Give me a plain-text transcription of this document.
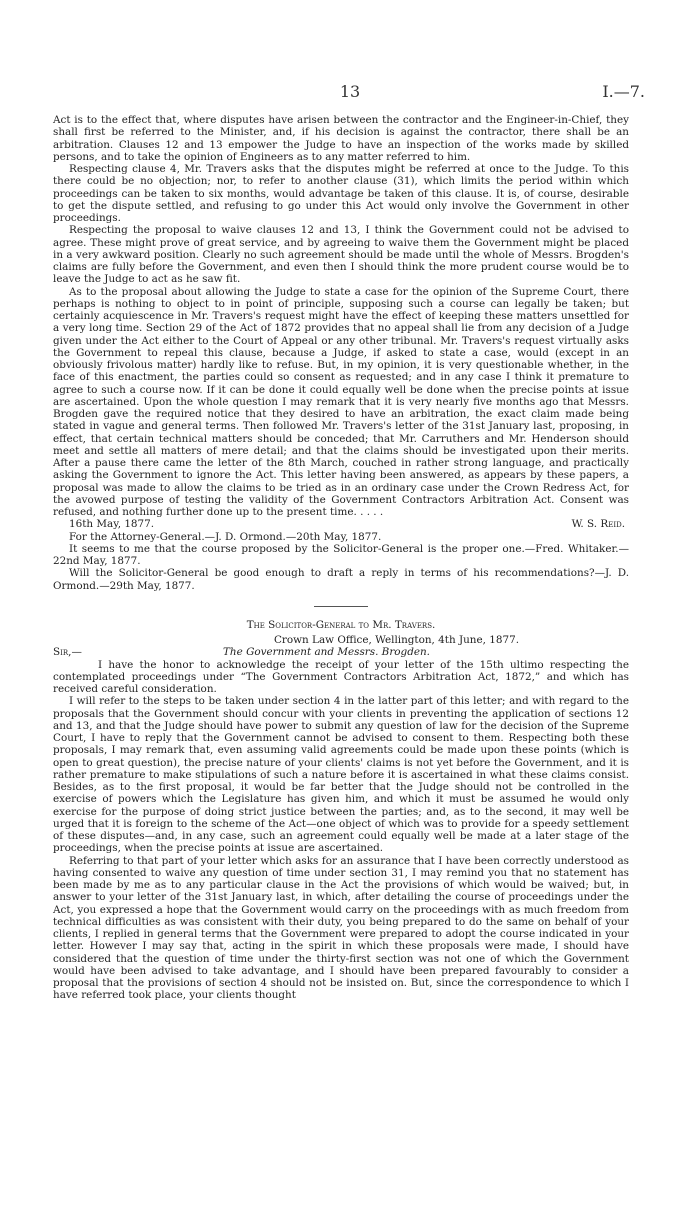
13	I.—7.

Act is to the effect that, where disputes have arisen between the contractor and the Engineer-in-Chief, they shall first be referred to the Minister, and, if his decision is against the contractor, there shall be an arbitration. Clauses 12 and 13 empower the Judge to have an inspection of the works made by skilled persons, and to take the opinion of Engineers as to any matter referred to him.

Respecting clause 4, Mr. Travers asks that the disputes might be referred at once to the Judge. To this there could be no objection; nor, to refer to another clause (31), which limits the period within which proceedings can be taken to six months, would advantage be taken of this clause. It is, of course, desirable to get the dispute settled, and refusing to go under this Act would only involve the Government in other proceedings.

Respecting the proposal to waive clauses 12 and 13, I think the Government could not be advised to agree. These might prove of great service, and by agreeing to waive them the Government might be placed in a very awkward position. Clearly no such agreement should be made until the whole of Messrs. Brogden's claims are fully before the Government, and even then I should think the more prudent course would be to leave the Judge to act as he saw fit.

As to the proposal about allowing the Judge to state a case for the opinion of the Supreme Court, there perhaps is nothing to object to in point of principle, supposing such a course can legally be taken; but certainly acquiescence in Mr. Travers's request might have the effect of keeping these matters unsettled for a very long time. Section 29 of the Act of 1872 provides that no appeal shall lie from any decision of a Judge given under the Act either to the Court of Appeal or any other tribunal. Mr. Travers's request virtually asks the Government to repeal this clause, because a Judge, if asked to state a case, would (except in an obviously frivolous matter) hardly like to refuse. But, in my opinion, it is very questionable whether, in the face of this enactment, the parties could so consent as requested; and in any case I think it premature to agree to such a course now. If it can be done it could equally well be done when the precise points at issue are ascertained. Upon the whole question I may remark that it is very nearly five months ago that Messrs. Brogden gave the required notice that they desired to have an arbitration, the exact claim made being stated in vague and general terms. Then followed Mr. Travers's letter of the 31st January last, proposing, in effect, that certain technical matters should be conceded; that Mr. Carruthers and Mr. Henderson should meet and settle all matters of mere detail; and that the claims should be investigated upon their merits. After a pause there came the letter of the 8th March, couched in rather strong language, and practically asking the Government to ignore the Act. This letter having been answered, as appears by these papers, a proposal was made to allow the claims to be tried as in an ordinary case under the Crown Redress Act, for the avowed purpose of testing the validity of the Government Contractors Arbitration Act. Consent was refused, and nothing further done up to the present time. . . . .

16th May, 1877.	W. S. Reid.

For the Attorney-General.—J. D. Ormond.—20th May, 1877.

It seems to me that the course proposed by the Solicitor-General is the proper one.—Fred. Whitaker.—22nd May, 1877.

Will the Solicitor-General be good enough to draft a reply in terms of his recommendations?—J. D. Ormond.—29th May, 1877.

The Solicitor-General to Mr. Travers.

Crown Law Office, Wellington, 4th June, 1877.

Sir,—	The Government and Messrs. Brogden.

I have the honor to acknowledge the receipt of your letter of the 15th ultimo respecting the contemplated proceedings under “The Government Contractors Arbitration Act, 1872,” and which has received careful consideration.

I will refer to the steps to be taken under section 4 in the latter part of this letter; and with regard to the proposals that the Government should concur with your clients in preventing the application of sections 12 and 13, and that the Judge should have power to submit any question of law for the decision of the Supreme Court, I have to reply that the Government cannot be advised to consent to them. Respecting both these proposals, I may remark that, even assuming valid agreements could be made upon these points (which is open to great question), the precise nature of your clients' claims is not yet before the Government, and it is rather premature to make stipulations of such a nature before it is ascertained in what these claims consist. Besides, as to the first proposal, it would be far better that the Judge should not be controlled in the exercise of powers which the Legislature has given him, and which it must be assumed he would only exercise for the purpose of doing strict justice between the parties; and, as to the second, it may well be urged that it is foreign to the scheme of the Act—one object of which was to provide for a speedy settlement of these disputes—and, in any case, such an agreement could equally well be made at a later stage of the proceedings, when the precise points at issue are ascertained.

Referring to that part of your letter which asks for an assurance that I have been correctly understood as having consented to waive any question of time under section 31, I may remind you that no statement has been made by me as to any particular clause in the Act the provisions of which would be waived; but, in answer to your letter of the 31st January last, in which, after detailing the course of proceedings under the Act, you expressed a hope that the Government would carry on the proceedings with as much freedom from technical difficulties as was consistent with their duty, you being prepared to do the same on behalf of your clients, I replied in general terms that the Government were prepared to adopt the course indicated in your letter. However I may say that, acting in the spirit in which these proposals were made, I should have considered that the question of time under the thirty-first section was not one of which the Government would have been advised to take advantage, and I should have been prepared favourably to consider a proposal that the provisions of section 4 should not be insisted on. But, since the correspondence to which I have referred took place, your clients thought
